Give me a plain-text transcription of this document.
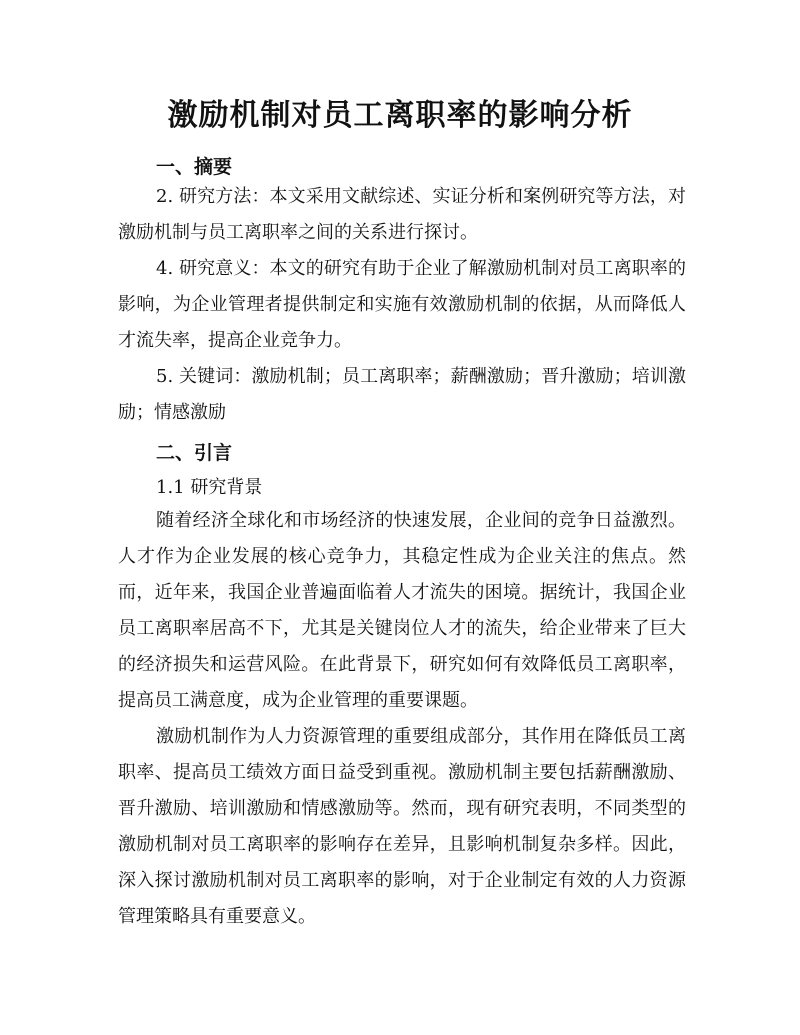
激励机制对员工离职率的影响分析
一、摘要

2. 研究方法：本文采用文献综述、实证分析和案例研究等方法，对激励机制与员工离职率之间的关系进行探讨。

4. 研究意义：本文的研究有助于企业了解激励机制对员工离职率的影响，为企业管理者提供制定和实施有效激励机制的依据，从而降低人才流失率，提高企业竞争力。

5. 关键词：激励机制；员工离职率；薪酬激励；晋升激励；培训激励；情感激励

二、引言
1.1 研究背景

随着经济全球化和市场经济的快速发展，企业间的竞争日益激烈。人才作为企业发展的核心竞争力，其稳定性成为企业关注的焦点。然而，近年来，我国企业普遍面临着人才流失的困境。据统计，我国企业员工离职率居高不下，尤其是关键岗位人才的流失，给企业带来了巨大的经济损失和运营风险。在此背景下，研究如何有效降低员工离职率，提高员工满意度，成为企业管理的重要课题。

激励机制作为人力资源管理的重要组成部分，其作用在降低员工离职率、提高员工绩效方面日益受到重视。激励机制主要包括薪酬激励、晋升激励、培训激励和情感激励等。然而，现有研究表明，不同类型的激励机制对员工离职率的影响存在差异，且影响机制复杂多样。因此，深入探讨激励机制对员工离职率的影响，对于企业制定有效的人力资源管理策略具有重要意义。
